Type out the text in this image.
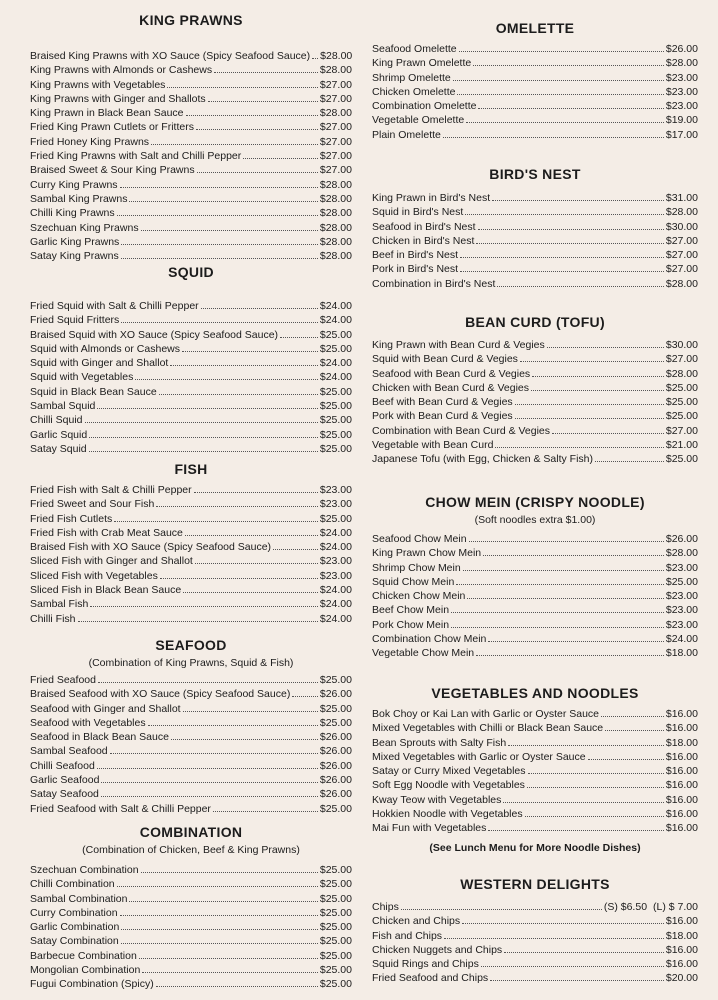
KING PRAWNS
Braised King Prawns with XO Sauce (Spicy Seafood Sauce) $28.00
King Prawns with Almonds or Cashews	$28.00
King Prawns with Vegetables	$27.00
King Prawns with Ginger and Shallots	$27.00
King Prawn in Black Bean Sauce	$28.00
Fried King Prawn Cutlets or Fritters	$27.00
Fried Honey King Prawns	$27.00
Fried King Prawns with Salt and Chilli Pepper	$27.00
Braised Sweet & Sour King Prawns	$27.00
Curry King Prawns	$28.00
Sambal King Prawns	$28.00
Chilli King Prawns	$28.00
Szechuan King Prawns	$28.00
Garlic King Prawns	$28.00
Satay King Prawns	$28.00
SQUID
Fried Squid with Salt & Chilli Pepper	$24.00
Fried Squid Fritters	$24.00
Braised Squid with XO Sauce (Spicy Seafood Sauce)	$25.00
Squid with Almonds or Cashews	$25.00
Squid with Ginger and Shallot	$24.00
Squid with Vegetables	$24.00
Squid in Black Bean Sauce	$25.00
Sambal Squid	$25.00
Chilli Squid	$25.00
Garlic Squid	$25.00
Satay Squid	$25.00
FISH
Fried Fish with Salt & Chilli Pepper	$23.00
Fried Sweet and Sour Fish	$23.00
Fried Fish Cutlets	$25.00
Fried Fish with Crab Meat Sauce	$24.00
Braised Fish with XO Sauce (Spicy Seafood Sauce)	$24.00
Sliced Fish with Ginger and Shallot	$23.00
Sliced Fish with Vegetables	$23.00
Sliced Fish in Black Bean Sauce	$24.00
Sambal Fish	$24.00
Chilli Fish	$24.00
SEAFOOD
(Combination of King Prawns, Squid & Fish)
Fried Seafood	$25.00
Braised Seafood with XO Sauce (Spicy Seafood Sauce)	$26.00
Seafood with Ginger and Shallot	$25.00
Seafood with Vegetables	$25.00
Seafood in Black Bean Sauce	$26.00
Sambal Seafood	$26.00
Chilli Seafood	$26.00
Garlic Seafood	$26.00
Satay Seafood	$26.00
Fried Seafood with Salt & Chilli Pepper	$25.00
COMBINATION
(Combination of Chicken, Beef & King Prawns)
Szechuan Combination	$25.00
Chilli Combination	$25.00
Sambal Combination	$25.00
Curry Combination	$25.00
Garlic Combination	$25.00
Satay Combination	$25.00
Barbecue Combination	$25.00
Mongolian Combination	$25.00
Fugui Combination (Spicy)	$25.00
OMELETTE
Seafood Omelette	$26.00
King Prawn Omelette	$28.00
Shrimp Omelette	$23.00
Chicken Omelette	$23.00
Combination Omelette	$23.00
Vegetable Omelette	$19.00
Plain Omelette	$17.00
BIRD'S NEST
King Prawn in Bird's Nest	$31.00
Squid in Bird's Nest	$28.00
Seafood in Bird's Nest	$30.00
Chicken in Bird's Nest	$27.00
Beef in Bird's Nest	$27.00
Pork in Bird's Nest	$27.00
Combination in Bird's Nest	$28.00
BEAN CURD (TOFU)
King Prawn with Bean Curd & Vegies	$30.00
Squid with Bean Curd & Vegies	$27.00
Seafood with Bean Curd & Vegies	$28.00
Chicken with Bean Curd & Vegies	$25.00
Beef with Bean Curd & Vegies	$25.00
Pork with Bean Curd & Vegies	$25.00
Combination with Bean Curd & Vegies	$27.00
Vegetable with Bean Curd	$21.00
Japanese Tofu (with Egg, Chicken & Salty Fish)	$25.00
CHOW MEIN (CRISPY NOODLE)
(Soft noodles extra $1.00)
Seafood Chow Mein	$26.00
King Prawn Chow Mein	$28.00
Shrimp Chow Mein	$23.00
Squid Chow Mein	$25.00
Chicken Chow Mein	$23.00
Beef Chow Mein	$23.00
Pork Chow Mein	$23.00
Combination Chow Mein	$24.00
Vegetable Chow Mein	$18.00
VEGETABLES AND NOODLES
Bok Choy or Kai Lan with Garlic or Oyster Sauce	$16.00
Mixed Vegetables with Chilli or Black Bean Sauce	$16.00
Bean Sprouts with Salty Fish	$18.00
Mixed Vegetables with Garlic or Oyster Sauce	$16.00
Satay or Curry Mixed Vegetables	$16.00
Soft Egg Noodle with Vegetables	$16.00
Kway Teow with Vegetables	$16.00
Hokkien Noodle with Vegetables	$16.00
Mai Fun with Vegetables	$16.00
(See Lunch Menu for More Noodle Dishes)
WESTERN DELIGHTS
Chips	(S) $6.50 (L) $ 7.00
Chicken and Chips	$16.00
Fish and Chips	$18.00
Chicken Nuggets and Chips	$16.00
Squid Rings and Chips	$16.00
Fried Seafood and Chips	$20.00
